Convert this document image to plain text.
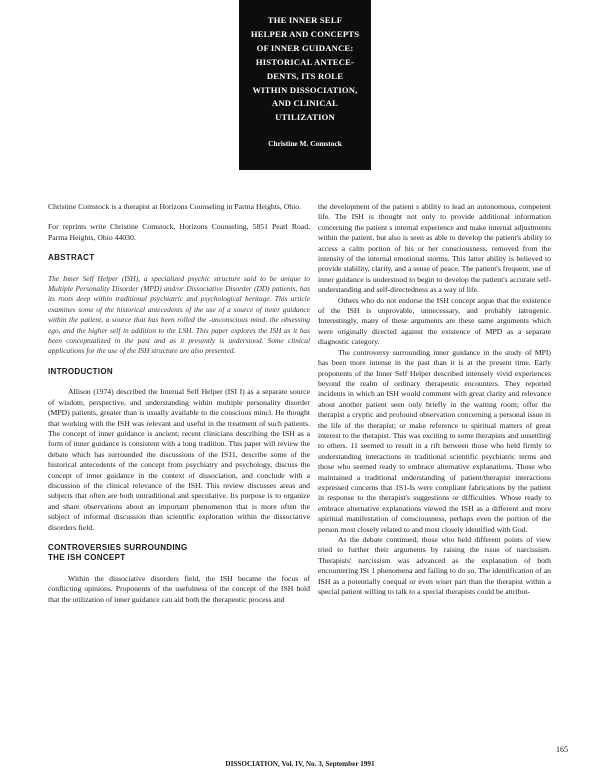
THE INNER SELF
HELPER AND CONCEPTS
OF INNER GUIDANCE:
HISTORICAL ANTECE-
DENTS, ITS ROLE
WITHIN DISSOCIATION,
AND CLINICAL
UTILIZATION
Christine M. Comstock

Christine Comstock is a therapist at Horizons Counseling in Parma Heights, Ohio.

For reprints write Christine Comstock, Horizons Counseling, 5851 Pearl Road, Parma Heights, Ohio 44030.

ABSTRACT

The Inner Self Helper (ISH), a specialized psychic structure said to be unique to Multiple Personality Disorder (MPD) and/or Dissociative Disorder (DD) patients, has its roots deep within traditional psychiatric and psychological heritage. This article examines some of the historical antecedents of the use of a source of inner guidance within the patient, a source that has been rolled the -unconscious mind, the obsessing ego, and the higher self in addition to the LSH. This paper explores the ISH as it has been conceptualized in the past and as it presently is understood. Some clinical applications for the use of the ISH structure are also presented.

INTRODUCTION

Allison (1974) described the Internal Self Helper (ISI I) as a separate source of wisdom, perspective, and understanding within multiple personality disorder (MPD) patients, greater than is usually available to the conscious mincl. He thought that working with the ISH was relevant and useful in the treatment of such patients. The concept of inner guidance is ancient; recent clinicians describing the ISH as a form of inner guidance is consistent with a long tradition. This paper will review the debate which has surrounded the discussions of the IS11, describe some of the historical antecedents of the concept from psychiatry and psychology, discuss the concept of inner guidance in the context of dissociation, and conclude with a discussion of the clinical relevance of the ISH. This review discusses areas and subjects that often are both untraditional and speculative. Its purpose is to organize and share observations about an important phenomenon that is more often the subject of informal discussion than scientific exploration within the dissociative disorders field.

CONTROVERSIES SURROUNDING

THE ISH CONCEPT

Within the dissociative disorders field, the ISH became the focus of conflicting opinions. Proponents of the usefulness of the concept of the ISH hold that the utilization of inner guidance can aid both the therapeutic process and

the development of the patient s ability to lead an autonomous, competent life. The ISH is thought not only to provide additional information concerning the patient s internal experience and make internal adjustments within the patient, but also is seen as able to develop the patient's ability to access a calm portion of his or her consciousness, removed from the intensity of the internal emotional storms. This latter ability is believed to provide stability, clarity, and a sense of peace. The patient's frequent. use of inner guidance is understood to begin to develop the patient's accurate self-understanding and self-directedness as a way of life.

Others who do not endorse the ISH concept argue that the existence of the ISH is unprovable, unnecessary, and probably iatrogenic. Interestingly, many of these arguments are these same arguments which were originally directed against the existence of MPD as a separate diagnostic category.

The controversy surrounding inner guidance in the study of MPI) has been more intense in the past than it is at the present time. Early proponents of the Inner Self Helper described intensely vivid experiences beyond the realm of ordinary therapeutic encounters. They reported incidents in which an ISH would comment with great clarity and relevance about another patient seen only briefly in the waiting room; offer the therapist a cryptic and profound observation concerning a personal issue in the life of the therapist; or make reference to spiritual matters of great interest to the therapist. This was exciting to some therapists and unsettling to others. 11 seemed to result in a rift between those who held firmly to understanding interactions in traditional scientific psychiatric terms and those who seemed ready to embrace alternative explanations. Those who maintained a traditional understanding of patient/therapist interactions expressed concerns that 1S1-Is were compliant fabrications by the patient in response to the therapist's suggestions or difficulties. Whose ready to embrace alternative explanations viewed the ISH as a different and more spiritual manifestation of consciousness, perhaps even the portion of the person most closely related to and most closely identified with God.

As the debate continued, those who held different points of view tried to further their arguments by raising the issue of narcissism. Therapists' narcissism was advanced as the explanation of both encountering ISt 1 phenomena and failing to do so. The identification of an ISH as a potentially coequal or even wiser part than the therapist within a special patient willing to talk to a special therapists could be attribut-

165
DISSOCIATION, Vol. IV, No. 3, September 1991
